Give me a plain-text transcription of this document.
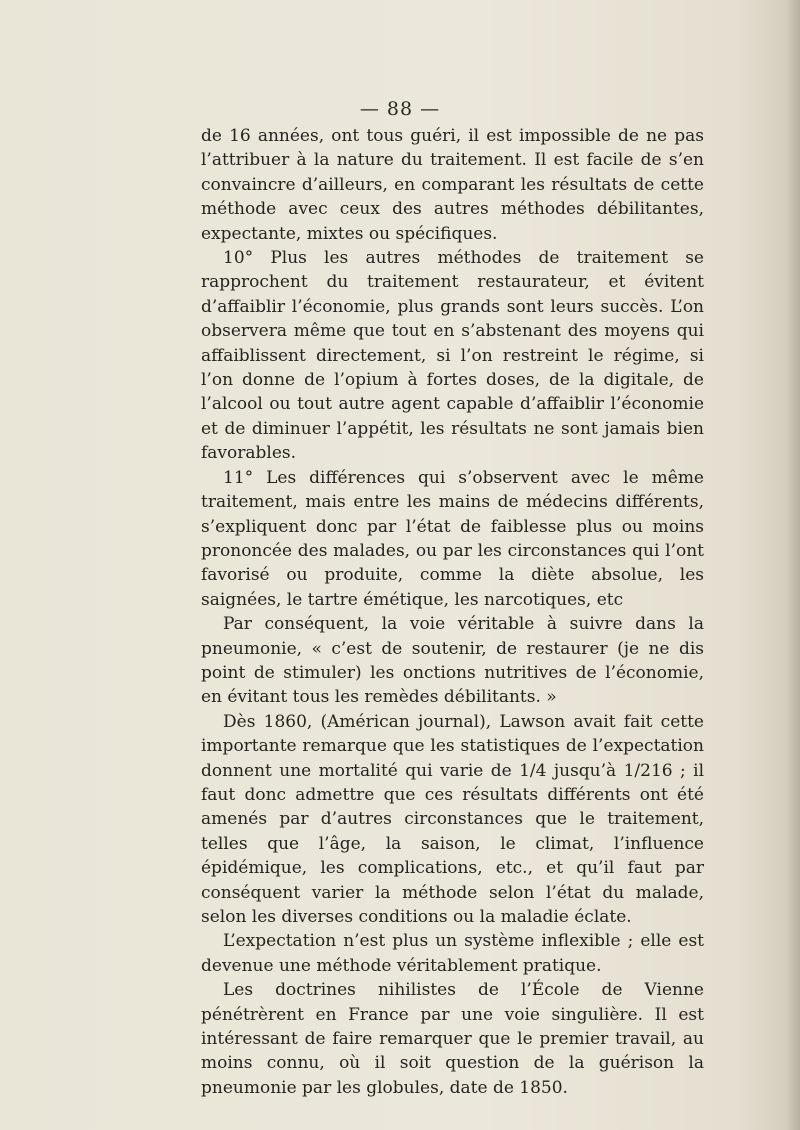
— 88 —

de 16 années, ont tous guéri, il est impossible de ne pas l’attribuer à la nature du traitement. Il est facile de s’en convaincre d’ailleurs, en comparant les résultats de cette méthode avec ceux des autres méthodes débilitantes, expectante, mixtes ou spécifiques.

10° Plus les autres méthodes de traitement se rapprochent du traitement restaurateur, et évitent d’affaiblir l’économie, plus grands sont leurs succès. L’on observera même que tout en s’abstenant des moyens qui affaiblissent directement, si l’on restreint le régime, si l’on donne de l’opium à fortes doses, de la digitale, de l’alcool ou tout autre agent capable d’affaiblir l’économie et de diminuer l’appétit, les résultats ne sont jamais bien favorables.

11° Les différences qui s’observent avec le même traitement, mais entre les mains de médecins différents, s’expliquent donc par l’état de faiblesse plus ou moins prononcée des malades, ou par les circonstances qui l’ont favorisé ou produite, comme la diète absolue, les saignées, le tartre émétique, les narcotiques, etc

Par conséquent, la voie véritable à suivre dans la pneumonie, « c’est de soutenir, de restaurer (je ne dis point de stimuler) les onctions nutritives de l’économie, en évitant tous les remèdes débilitants. »

Dès 1860, (Américan journal), Lawson avait fait cette importante remarque que les statistiques de l’expectation donnent une mortalité qui varie de 1/4 jusqu’à 1/216 ; il faut donc admettre que ces résultats différents ont été amenés par d’autres circonstances que le traitement, telles que l’âge, la saison, le climat, l’influence épidémique, les complications, etc., et qu’il faut par conséquent varier la méthode selon l’état du malade, selon les diverses conditions ou la maladie éclate.

L’expectation n’est plus un système inflexible ; elle est devenue une méthode véritablement pratique.

Les doctrines nihilistes de l’École de Vienne pénétrèrent en France par une voie singulière. Il est intéressant de faire remarquer que le premier travail, au moins connu, où il soit question de la guérison la pneumonie par les globules, date de 1850.
